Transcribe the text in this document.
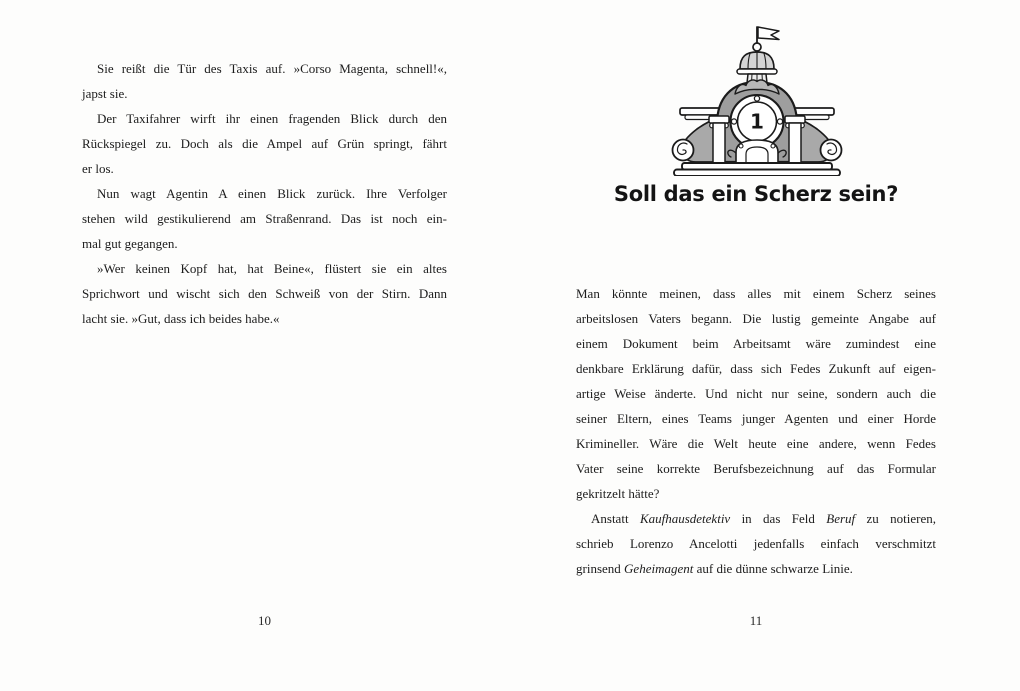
Sie reißt die Tür des Taxis auf. »Corso Magenta, schnell!«,
japst sie.
Der Taxifahrer wirft ihr einen fragenden Blick durch den
Rückspiegel zu. Doch als die Ampel auf Grün springt, fährt
er los.
Nun wagt Agentin A einen Blick zurück. Ihre Verfolger
stehen wild gestikulierend am Straßenrand. Das ist noch ein-
mal gut gegangen.
»Wer keinen Kopf hat, hat Beine«, flüstert sie ein altes
Sprichwort und wischt sich den Schweiß von der Stirn. Dann
lacht sie. »Gut, dass ich beides habe.«
10
1
Soll das ein Scherz sein?
Man könnte meinen, dass alles mit einem Scherz seines
arbeitslosen Vaters begann. Die lustig gemeinte Angabe auf
einem Dokument beim Arbeitsamt wäre zumindest eine
denkbare Erklärung dafür, dass sich Fedes Zukunft auf eigen-
artige Weise änderte. Und nicht nur seine, sondern auch die
seiner Eltern, eines Teams junger Agenten und einer Horde
Krimineller. Wäre die Welt heute eine andere, wenn Fedes
Vater seine korrekte Berufsbezeichnung auf das Formular
gekritzelt hätte?
Anstatt Kaufhausdetektiv in das Feld Beruf zu notieren,
schrieb Lorenzo Ancelotti jedenfalls einfach verschmitzt
grinsend Geheimagent auf die dünne schwarze Linie.
11
